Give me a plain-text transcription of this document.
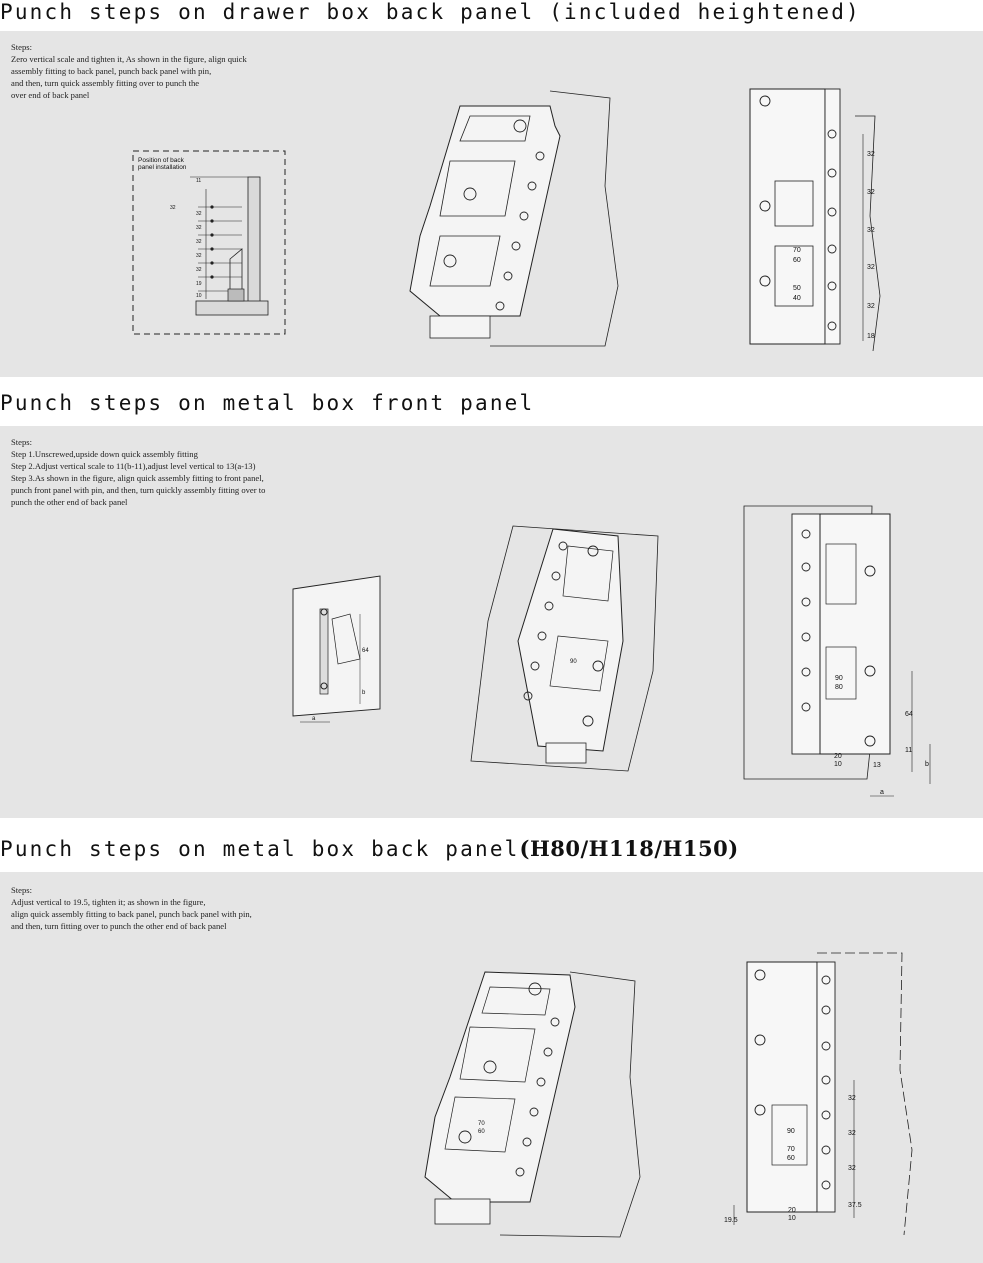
Punch steps on drawer box back panel (included heightened)
Steps:
Zero vertical scale and tighten it, As shown in the figure, align quick
assembly fitting to back panel, punch back panel with pin,
and then, turn quick assembly fitting over to punch the
over end of back panel
Position of back
panel installation
11
32
32
32
32
32
19
10
32
70
60
50
40
32
32
32
32
32
18
Punch steps on metal box front panel
Steps:
Step 1.Unscrewed,upside down quick assembly fitting
Step 2.Adjust vertical scale to 11(b-11),adjust level vertical to 13(a-13)
Step 3.As shown in the figure, align quick assembly fitting to front panel,
punch front panel with pin, and then, turn quickly assembly fitting over to
punch the other end of back panel
64
b
a
90
90
80
20
10
64
11
13	b
a
Punch steps on metal box back panel(H80/H118/H150)
Steps:
Adjust vertical to 19.5, tighten it; as shown in the figure,
align quick assembly fitting to back panel, punch back panel with pin,
and then, turn fitting over to punch the other end of back panel
70
60	90
70
60
20
10
32
32
32
37.5
19.5
